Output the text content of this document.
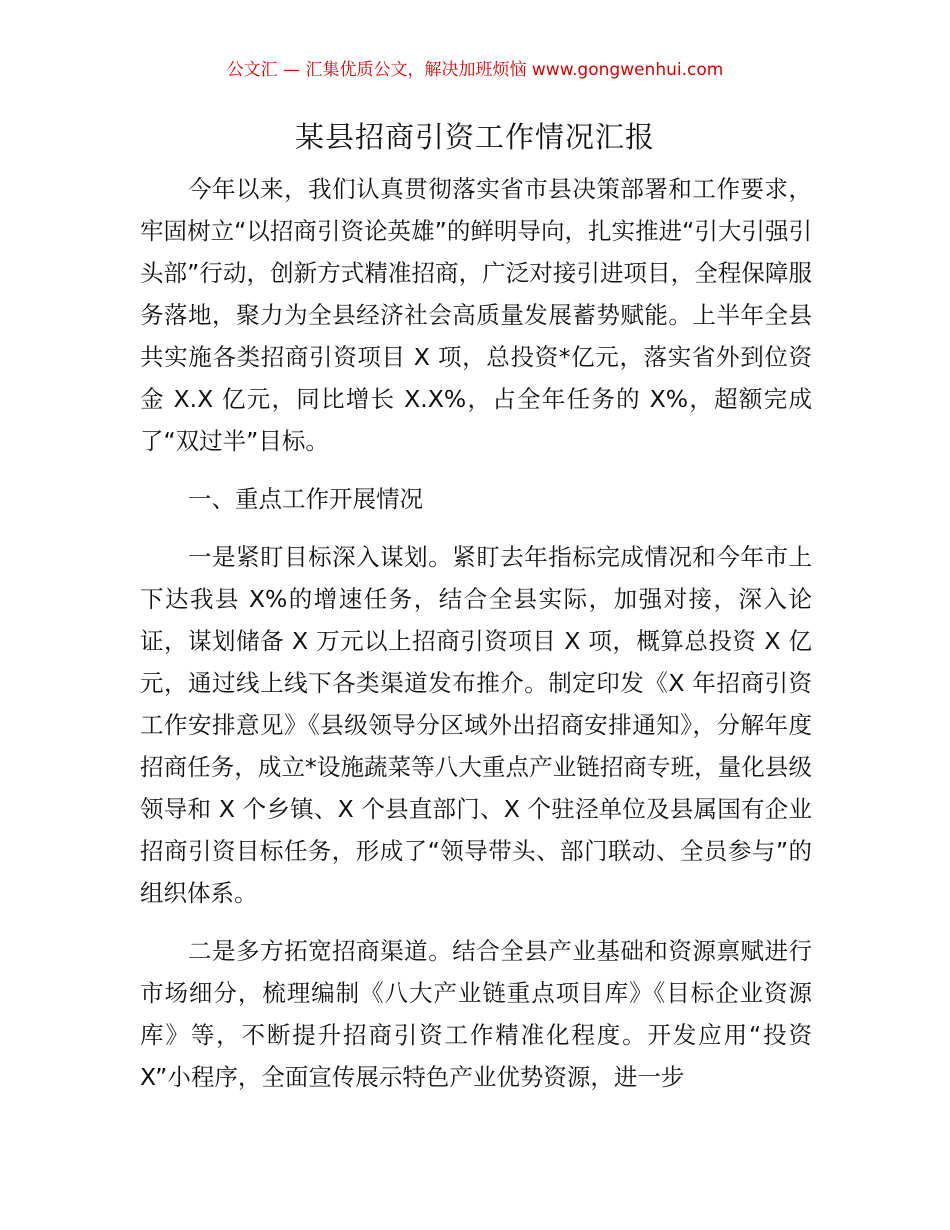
公文汇 — 汇集优质公文，解决加班烦恼 www.gongwenhui.com
某县招商引资工作情况汇报

今年以来，我们认真贯彻落实省市县决策部署和工作要求，牢固树立“以招商引资论英雄”的鲜明导向，扎实推进“引大引强引头部”行动，创新方式精准招商，广泛对接引进项目，全程保障服务落地，聚力为全县经济社会高质量发展蓄势赋能。上半年全县共实施各类招商引资项目 X 项，总投资*亿元，落实省外到位资金 X.X 亿元，同比增长 X.X%，占全年任务的 X%，超额完成了“双过半”目标。

一、重点工作开展情况

一是紧盯目标深入谋划。紧盯去年指标完成情况和今年市上下达我县 X%的增速任务，结合全县实际，加强对接，深入论证，谋划储备 X 万元以上招商引资项目 X 项，概算总投资 X 亿元，通过线上线下各类渠道发布推介。制定印发《X 年招商引资工作安排意见》《县级领导分区域外出招商安排通知》，分解年度招商任务，成立*设施蔬菜等八大重点产业链招商专班，量化县级领导和 X 个乡镇、X 个县直部门、X 个驻泾单位及县属国有企业招商引资目标任务，形成了“领导带头、部门联动、全员参与”的组织体系。

二是多方拓宽招商渠道。结合全县产业基础和资源禀赋进行市场细分，梳理编制《八大产业链重点项目库》《目标企业资源库》等，不断提升招商引资工作精准化程度。开发应用“投资 X”小程序，全面宣传展示特色产业优势资源，进一步
